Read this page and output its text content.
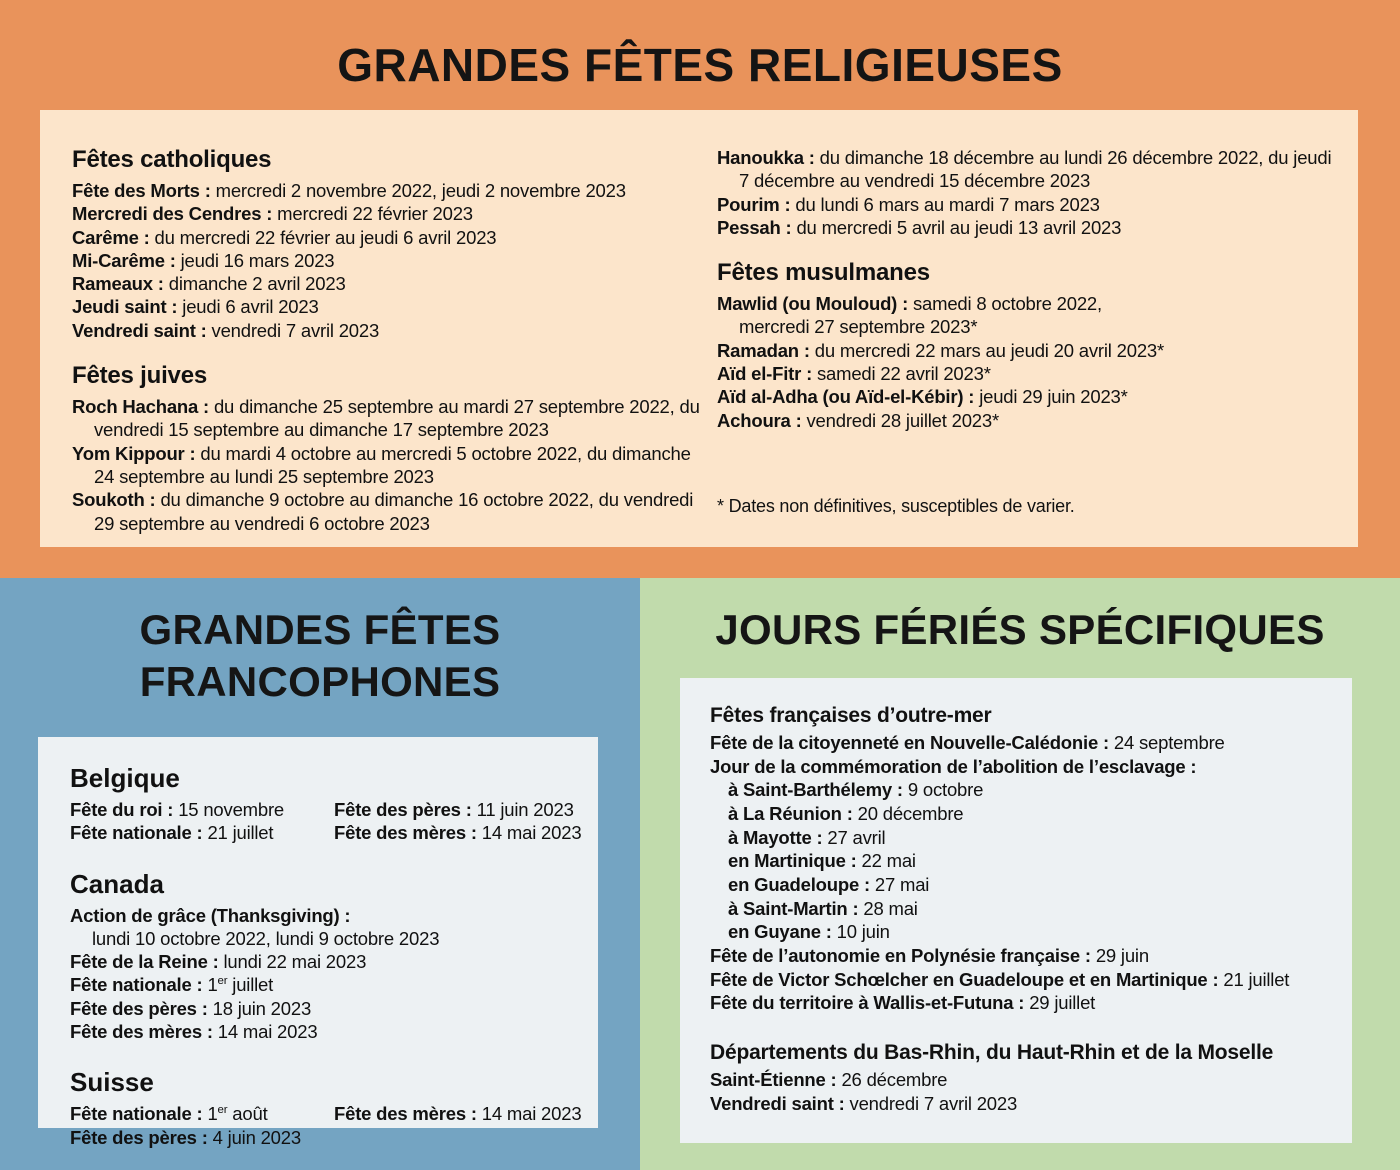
GRANDES FÊTES RELIGIEUSES
Fêtes catholiques

Fête des Morts : mercredi 2 novembre 2022, jeudi 2 novembre 2023

Mercredi des Cendres : mercredi 22 février 2023

Carême : du mercredi 22 février au jeudi 6 avril 2023

Mi-Carême : jeudi 16 mars 2023

Rameaux : dimanche 2 avril 2023

Jeudi saint : jeudi 6 avril 2023

Vendredi saint : vendredi 7 avril 2023

Fêtes juives

Roch Hachana : du dimanche 25 septembre au mardi 27 septembre 2022, du
vendredi 15 septembre au dimanche 17 septembre 2023

Yom Kippour : du mardi 4 octobre au mercredi 5 octobre 2022, du dimanche
24 septembre au lundi 25 septembre 2023

Soukoth : du dimanche 9 octobre au dimanche 16 octobre 2022, du vendredi
29 septembre au vendredi 6 octobre 2023

Hanoukka : du dimanche 18 décembre au lundi 26 décembre 2022, du jeudi
7 décembre au vendredi 15 décembre 2023

Pourim : du lundi 6 mars au mardi 7 mars 2023

Pessah : du mercredi 5 avril au jeudi 13 avril 2023

Fêtes musulmanes

Mawlid (ou Mouloud) : samedi 8 octobre 2022,
mercredi 27 septembre 2023*

Ramadan : du mercredi 22 mars au jeudi 20 avril 2023*

Aïd el-Fitr : samedi 22 avril 2023*

Aïd al-Adha (ou Aïd-el-Kébir) : jeudi 29 juin 2023*

Achoura : vendredi 28 juillet 2023*

* Dates non définitives, susceptibles de varier.

GRANDES FÊTES
FRANCOPHONES
Belgique

Fête du roi : 15 novembre

Fête nationale : 21 juillet

Fête des pères : 11 juin 2023

Fête des mères : 14 mai 2023

Canada

Action de grâce (Thanksgiving) :
lundi 10 octobre 2022, lundi 9 octobre 2023

Fête de la Reine : lundi 22 mai 2023

Fête nationale : 1er juillet

Fête des pères : 18 juin 2023

Fête des mères : 14 mai 2023

Suisse

Fête nationale : 1er août

Fête des pères : 4 juin 2023

Fête des mères : 14 mai 2023

JOURS FÉRIÉS SPÉCIFIQUES
Fêtes françaises d’outre-mer

Fête de la citoyenneté en Nouvelle-Calédonie : 24 septembre

Jour de la commémoration de l’abolition de l’esclavage :

à Saint-Barthélemy : 9 octobre

à La Réunion : 20 décembre

à Mayotte : 27 avril

en Martinique : 22 mai

en Guadeloupe : 27 mai

à Saint-Martin : 28 mai

en Guyane : 10 juin

Fête de l’autonomie en Polynésie française : 29 juin

Fête de Victor Schœlcher en Guadeloupe et en Martinique : 21 juillet

Fête du territoire à Wallis-et-Futuna : 29 juillet

Départements du Bas-Rhin, du Haut-Rhin et de la Moselle

Saint-Étienne : 26 décembre

Vendredi saint : vendredi 7 avril 2023
